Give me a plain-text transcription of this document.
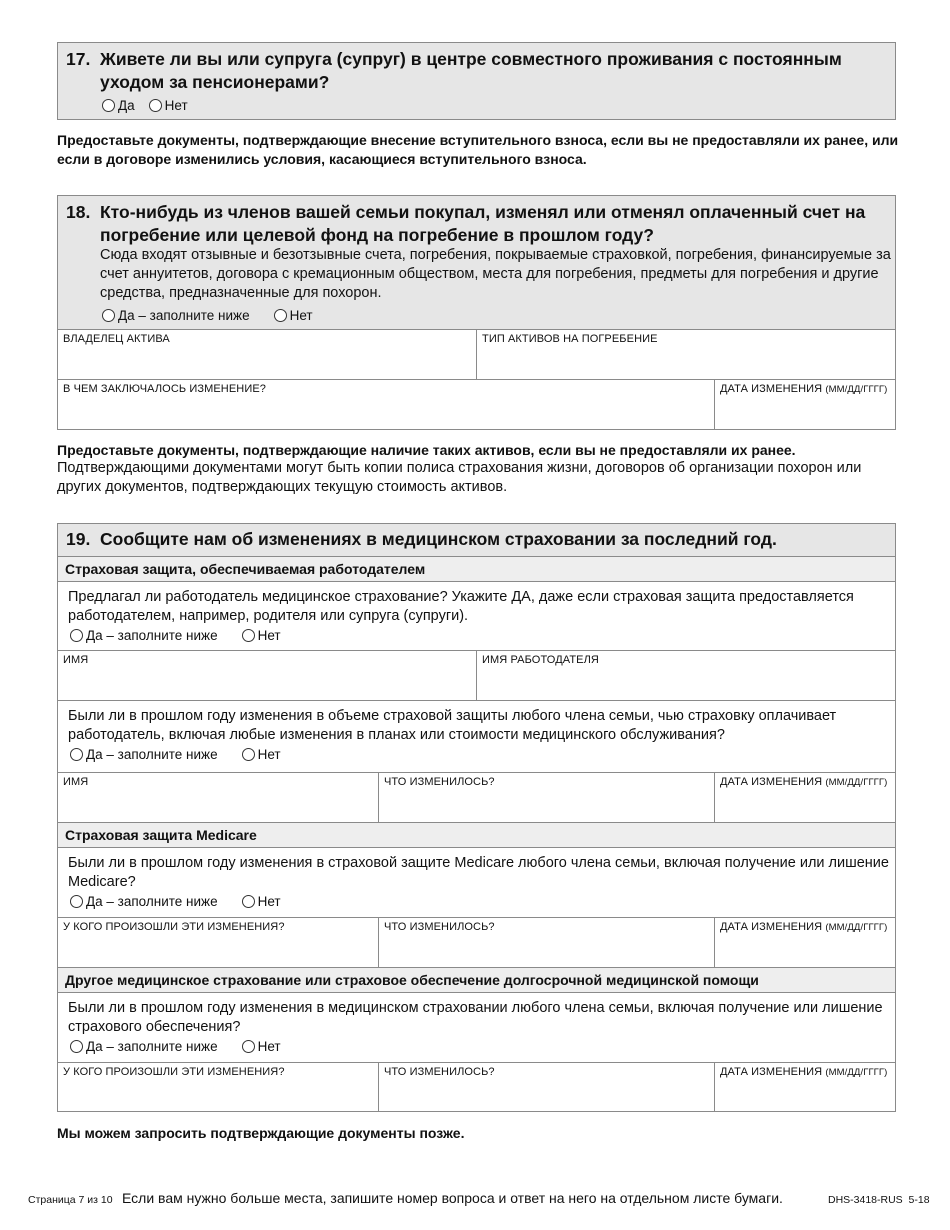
17. Живете ли вы или супруга (супруг) в центре совместного проживания с постоянным уходом за пенсионерами?
Да Нет
Предоставьте документы, подтверждающие внесение вступительного взноса, если вы не предоставляли их ранее, или если в договоре изменились условия, касающиеся вступительного взноса.
18. Кто-нибудь из членов вашей семьи покупал, изменял или отменял оплаченный счет на погребение или целевой фонд на погребение в прошлом году?
Сюда входят отзывные и безотзывные счета, погребения, покрываемые страховкой, погребения, финансируемые за счет аннуитетов, договора с кремационным обществом, места для погребения, предметы для погребения и другие средства, предназначенные для похорон.
Да – заполните ниже	Нет
ВЛАДЕЛЕЦ АКТИВА	ТИП АКТИВОВ НА ПОГРЕБЕНИЕ
В ЧЕМ ЗАКЛЮЧАЛОСЬ ИЗМЕНЕНИЕ?	ДАТА ИЗМЕНЕНИЯ (ММ/ДД/ГГГГ)
Предоставьте документы, подтверждающие наличие таких активов, если вы не предоставляли их ранее.
Подтверждающими документами могут быть копии полиса страхования жизни, договоров об организации похорон или других документов, подтверждающих текущую стоимость активов.
19. Сообщите нам об изменениях в медицинском страховании за последний год.
Страховая защита, обеспечиваемая работодателем
Предлагал ли работодатель медицинское страхование? Укажите ДА, даже если страховая защита предоставляется работодателем, например, родителя или супруга (супруги).
Да – заполните ниже	Нет
ИМЯ	ИМЯ РАБОТОДАТЕЛЯ
Были ли в прошлом году изменения в объеме страховой защиты любого члена семьи, чью страховку оплачивает работодатель, включая любые изменения в планах или стоимости медицинского обслуживания?
Да – заполните ниже	Нет
ИМЯ	ЧТО ИЗМЕНИЛОСЬ?	ДАТА ИЗМЕНЕНИЯ (ММ/ДД/ГГГГ)
Страховая защита Medicare
Были ли в прошлом году изменения в страховой защите Medicare любого члена семьи, включая получение или лишение Medicare?
Да – заполните ниже	Нет
У КОГО ПРОИЗОШЛИ ЭТИ ИЗМЕНЕНИЯ?	ЧТО ИЗМЕНИЛОСЬ?	ДАТА ИЗМЕНЕНИЯ (ММ/ДД/ГГГГ)
Другое медицинское страхование или страховое обеспечение долгосрочной медицинской помощи
Были ли в прошлом году изменения в медицинском страховании любого члена семьи, включая получение или лишение страхового обеспечения?
Да – заполните ниже	Нет
У КОГО ПРОИЗОШЛИ ЭТИ ИЗМЕНЕНИЯ?	ЧТО ИЗМЕНИЛОСЬ?	ДАТА ИЗМЕНЕНИЯ (ММ/ДД/ГГГГ)
Мы можем запросить подтверждающие документы позже.
Страница 7 из 10 Если вам нужно больше места, запишите номер вопроса и ответ на него на отдельном листе бумаги.	DHS-3418-RUS 5-18
